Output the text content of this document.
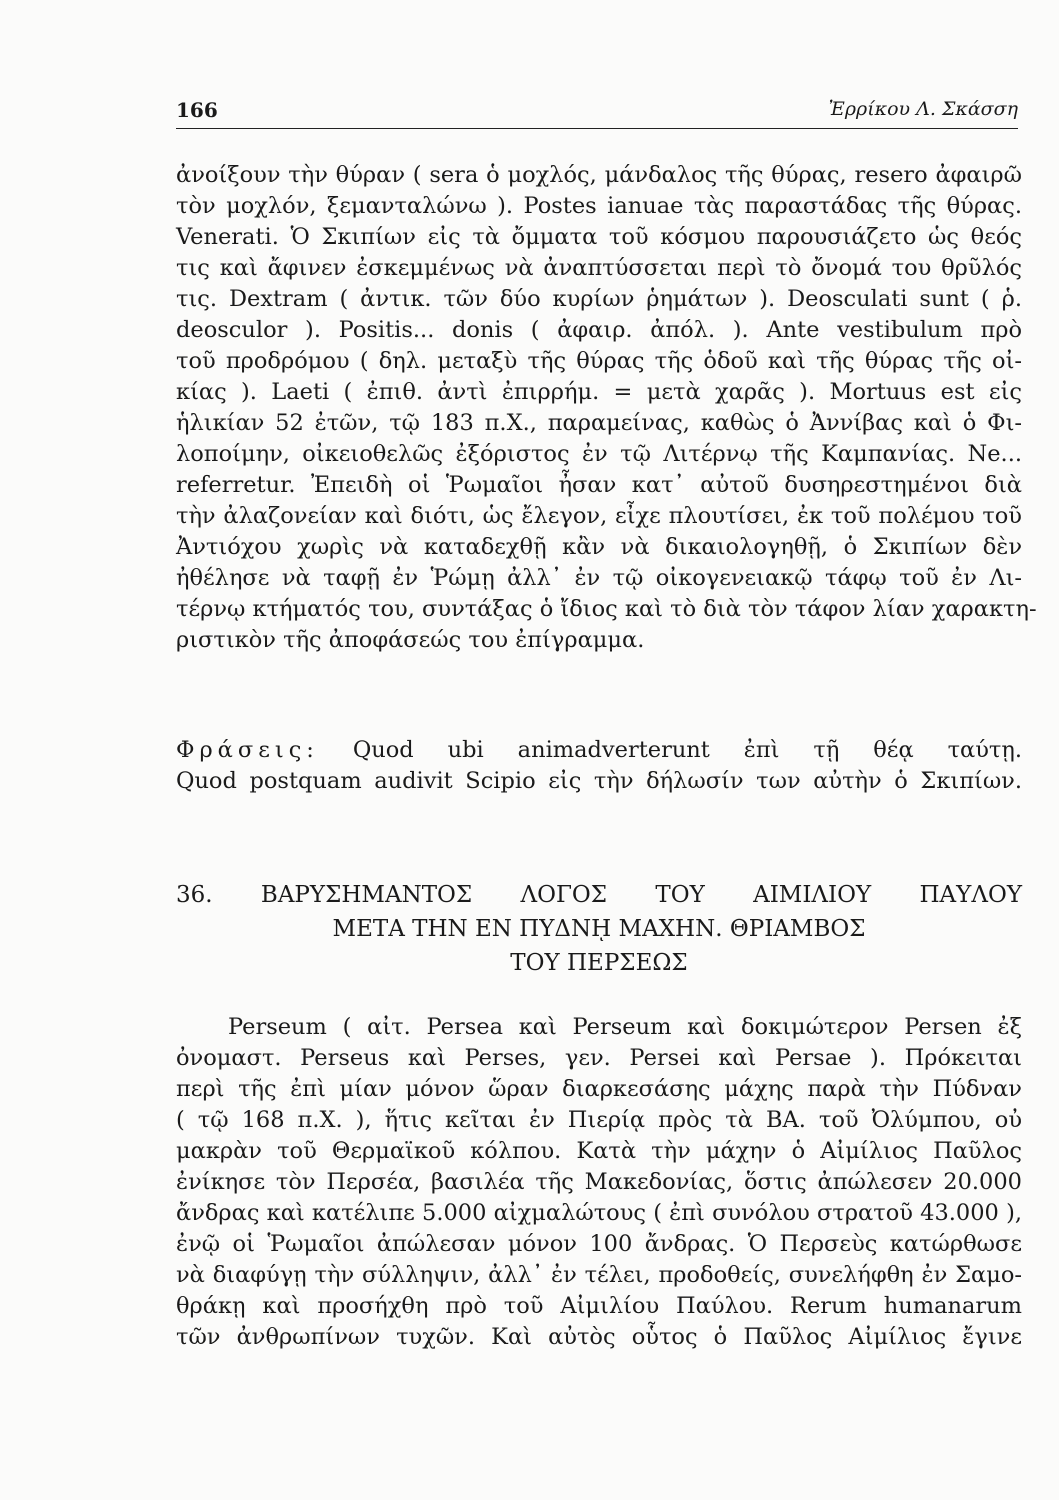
166	Ἐρρίκου Λ. Σκάσση
ἀνοίξουν τὴν θύραν ( sera ὁ μοχλός, μάνδαλος τῆς θύρας, resero ἀφαιρῶ
τὸν μοχλόν, ξεμανταλώνω ). Postes ianuae τὰς παραστάδας τῆς θύρας.
Venerati. Ὁ Σκιπίων εἰς τὰ ὄμματα τοῦ κόσμου παρουσιάζετο ὡς θεός
τις καὶ ἄφινεν ἐσκεμμένως νὰ ἀναπτύσσεται περὶ τὸ ὄνομά του θρῦλός
τις. Dextram ( ἀντικ. τῶν δύο κυρίων ῥημάτων ). Deosculati sunt ( ῥ.
deosculor ). Positis... donis ( ἀφαιρ. ἀπόλ. ). Ante vestibulum πρὸ
τοῦ προδρόμου ( δηλ. μεταξὺ τῆς θύρας τῆς ὁδοῦ καὶ τῆς θύρας τῆς οἰ-
κίας ). Laeti ( ἐπιθ. ἀντὶ ἐπιρρήμ. = μετὰ χαρᾶς ). Mortuus est εἰς
ἡλικίαν 52 ἐτῶν, τῷ 183 π.Χ., παραμείνας, καθὼς ὁ Ἀννίβας καὶ ὁ Φι-
λοποίμην, οἰκειοθελῶς ἐξόριστος ἐν τῷ Λιτέρνῳ τῆς Καμπανίας. Ne...
referretur. Ἐπειδὴ οἱ Ῥωμαῖοι ἦσαν κατ᾽ αὐτοῦ δυσηρεστημένοι διὰ
τὴν ἀλαζονείαν καὶ διότι, ὡς ἔλεγον, εἶχε πλουτίσει, ἐκ τοῦ πολέμου τοῦ
Ἀντιόχου χωρὶς νὰ καταδεχθῇ κἂν νὰ δικαιολογηθῇ, ὁ Σκιπίων δὲν
ἠθέλησε νὰ ταφῇ ἐν Ῥώμῃ ἀλλ᾽ ἐν τῷ οἰκογενειακῷ τάφῳ τοῦ ἐν Λι-
τέρνῳ κτήματός του, συντάξας ὁ ἴδιος καὶ τὸ διὰ τὸν τάφον λίαν χαρακτη-
ριστικὸν τῆς ἀποφάσεώς του ἐπίγραμμα.
Φράσεις: Quod ubi animadverterunt ἐπὶ τῇ θέᾳ ταύτῃ.
Quod postquam audivit Scipio εἰς τὴν δήλωσίν των αὐτὴν ὁ Σκιπίων.
36. ΒΑΡΥΣΗΜΑΝΤΟΣ ΛΟΓΟΣ ΤΟΥ ΑΙΜΙΛΙΟΥ ΠΑΥΛΟΥ
ΜΕΤΑ ΤΗΝ ΕΝ ΠΥΔΝῌ ΜΑΧΗΝ. ΘΡΙΑΜΒΟΣ
ΤΟΥ ΠΕΡΣΕΩΣ
Perseum ( αἰτ. Persea καὶ Perseum καὶ δοκιμώτερον Persen ἐξ
ὀνομαστ. Perseus καὶ Perses, γεν. Persei καὶ Persae ). Πρόκειται
περὶ τῆς ἐπὶ μίαν μόνον ὥραν διαρκεσάσης μάχης παρὰ τὴν Πύδναν
( τῷ 168 π.Χ. ), ἥτις κεῖται ἐν Πιερίᾳ πρὸς τὰ ΒΑ. τοῦ Ὀλύμπου, οὐ
μακρὰν τοῦ Θερμαϊκοῦ κόλπου. Κατὰ τὴν μάχην ὁ Αἰμίλιος Παῦλος
ἐνίκησε τὸν Περσέα, βασιλέα τῆς Μακεδονίας, ὅστις ἀπώλεσεν 20.000
ἄνδρας καὶ κατέλιπε 5.000 αἰχμαλώτους ( ἐπὶ συνόλου στρατοῦ 43.000 ),
ἐνῷ οἱ Ῥωμαῖοι ἀπώλεσαν μόνον 100 ἄνδρας. Ὁ Περσεὺς κατώρθωσε
νὰ διαφύγῃ τὴν σύλληψιν, ἀλλ᾽ ἐν τέλει, προδοθείς, συνελήφθη ἐν Σαμο-
θράκῃ καὶ προσήχθη πρὸ τοῦ Αἰμιλίου Παύλου. Rerum humanarum
τῶν ἀνθρωπίνων τυχῶν. Καὶ αὐτὸς οὗτος ὁ Παῦλος Αἰμίλιος ἔγινε
